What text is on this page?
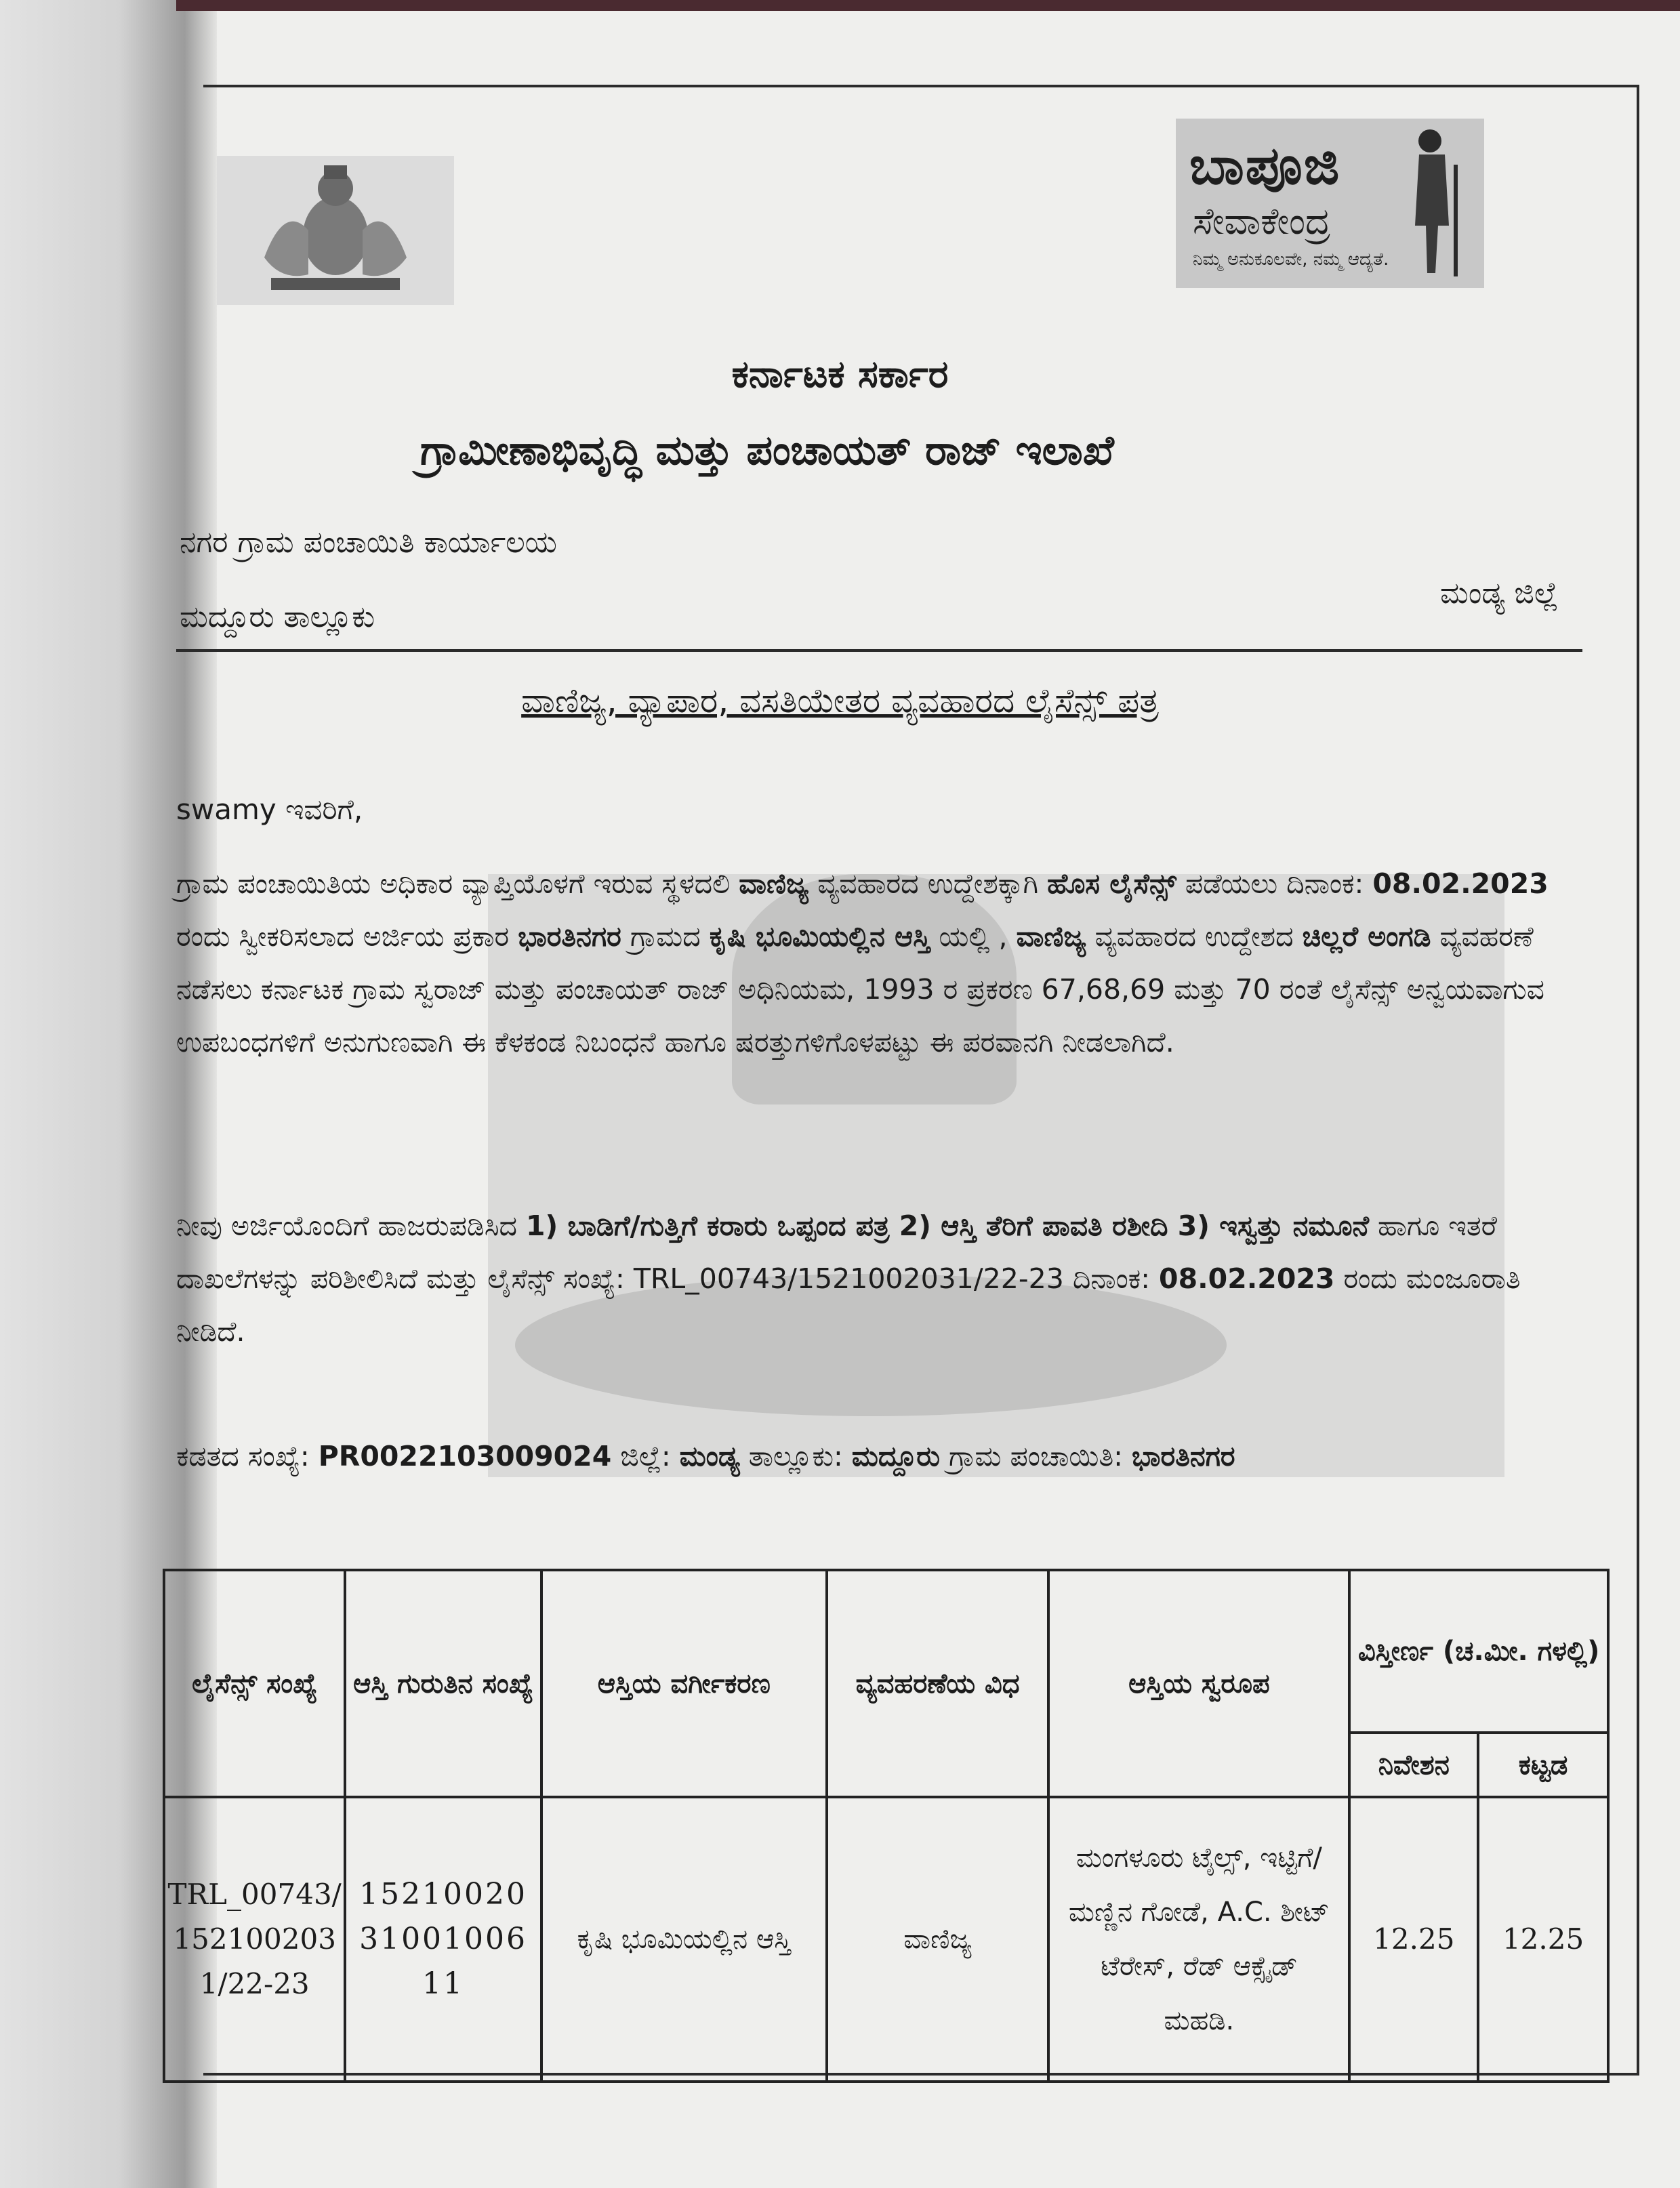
ಬಾಪೂಜಿ
ಸೇವಾಕೇಂದ್ರ
ನಿಮ್ಮ ಅನುಕೂಲವೇ, ನಮ್ಮ ಆದ್ಯತೆ.
ಕರ್ನಾಟಕ ಸರ್ಕಾರ
ಗ್ರಾಮೀಣಾಭಿವೃದ್ಧಿ ಮತ್ತು ಪಂಚಾಯತ್ ರಾಜ್ ಇಲಾಖೆ
ನಗರ ಗ್ರಾಮ ಪಂಚಾಯಿತಿ ಕಾರ್ಯಾಲಯ
ಮದ್ದೂರು ತಾಲ್ಲೂಕು
ಮಂಡ್ಯ ಜಿಲ್ಲೆ
ವಾಣಿಜ್ಯ, ವ್ಯಾಪಾರ, ವಸತಿಯೇತರ ವ್ಯವಹಾರದ ಲೈಸೆನ್ಸ್ ಪತ್ರ
swamy ಇವರಿಗೆ,
ಗ್ರಾಮ ಪಂಚಾಯಿತಿಯ ಅಧಿಕಾರ ವ್ಯಾಪ್ತಿಯೊಳಗೆ ಇರುವ ಸ್ಥಳದಲಿ ವಾಣಿಜ್ಯ ವ್ಯವಹಾರದ ಉದ್ದೇಶಕ್ಕಾಗಿ ಹೊಸ ಲೈಸೆನ್ಸ್ ಪಡೆಯಲು ದಿನಾಂಕ: 08.02.2023 ರಂದು ಸ್ವೀಕರಿಸಲಾದ ಅರ್ಜಿಯ ಪ್ರಕಾರ ಭಾರತಿನಗರ ಗ್ರಾಮದ ಕೃಷಿ ಭೂಮಿಯಲ್ಲಿನ ಆಸ್ತಿ ಯಲ್ಲಿ , ವಾಣಿಜ್ಯ ವ್ಯವಹಾರದ ಉದ್ದೇಶದ ಚಿಲ್ಲರೆ ಅಂಗಡಿ ವ್ಯವಹರಣೆ ನಡೆಸಲು ಕರ್ನಾಟಕ ಗ್ರಾಮ ಸ್ವರಾಜ್ ಮತ್ತು ಪಂಚಾಯತ್ ರಾಜ್ ಅಧಿನಿಯಮ, 1993 ರ ಪ್ರಕರಣ 67,68,69 ಮತ್ತು 70 ರಂತೆ ಲೈಸೆನ್ಸ್ ಅನ್ವಯವಾಗುವ ಉಪಬಂಧಗಳಿಗೆ ಅನುಗುಣವಾಗಿ ಈ ಕೆಳಕಂಡ ನಿಬಂಧನೆ ಹಾಗೂ ಷರತ್ತುಗಳಿಗೊಳಪಟ್ಟು ಈ ಪರವಾನಗಿ ನೀಡಲಾಗಿದೆ.
ನೀವು ಅರ್ಜಿಯೊಂದಿಗೆ ಹಾಜರುಪಡಿಸಿದ 1) ಬಾಡಿಗೆ/ಗುತ್ತಿಗೆ ಕರಾರು ಒಪ್ಪಂದ ಪತ್ರ 2) ಆಸ್ತಿ ತೆರಿಗೆ ಪಾವತಿ ರಶೀದಿ 3) ಇಸ್ವತ್ತು ನಮೂನೆ ಹಾಗೂ ಇತರೆ ದಾಖಲೆಗಳನ್ನು ಪರಿಶೀಲಿಸಿದೆ ಮತ್ತು ಲೈಸೆನ್ಸ್ ಸಂಖ್ಯೆ: TRL_00743/1521002031/22-23 ದಿನಾಂಕ: 08.02.2023 ರಂದು ಮಂಜೂರಾತಿ ನೀಡಿದೆ.
ಕಡತದ ಸಂಖ್ಯೆ: PR0022103009024 ಜಿಲ್ಲೆ: ಮಂಡ್ಯ ತಾಲ್ಲೂಕು: ಮದ್ದೂರು ಗ್ರಾಮ ಪಂಚಾಯಿತಿ: ಭಾರತಿನಗರ
ಲೈಸೆನ್ಸ್ ಸಂಖ್ಯೆ	ಆಸ್ತಿ ಗುರುತಿನ ಸಂಖ್ಯೆ	ಆಸ್ತಿಯ ವರ್ಗೀಕರಣ	ವ್ಯವಹರಣೆಯ ವಿಧ	ಆಸ್ತಿಯ ಸ್ವರೂಪ	ವಿಸ್ತೀರ್ಣ (ಚ.ಮೀ. ಗಳಲ್ಲಿ)	
					ನಿವೇಶನ	ಕಟ್ಟಡ
TRL_00743/1521002031/22-23	152100203100100611	ಕೃಷಿ ಭೂಮಿಯಲ್ಲಿನ ಆಸ್ತಿ	ವಾಣಿಜ್ಯ	ಮಂಗಳೂರು ಟೈಲ್ಸ್, ಇಟ್ಟಿಗೆ/ ಮಣ್ಣಿನ ಗೋಡೆ, A.C. ಶೀಟ್ ಟೆರೇಸ್, ರೆಡ್ ಆಕ್ಸೈಡ್ ಮಹಡಿ.	12.25	12.25
